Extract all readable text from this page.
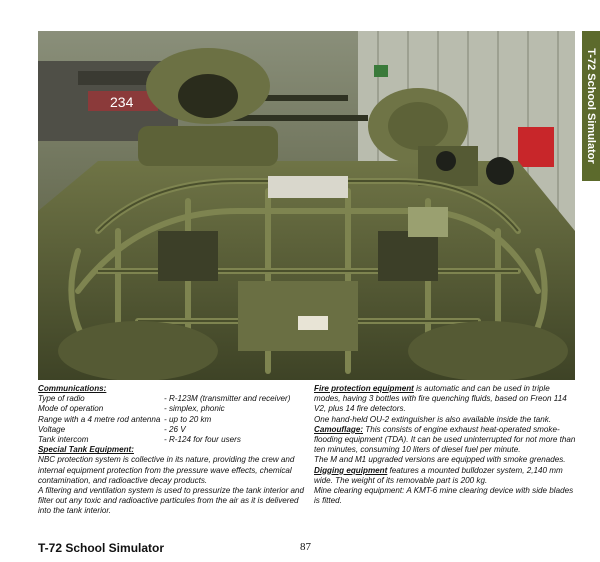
234	T-72 School Simulator

Communications:

Type of radio	- R-123M (transmitter and receiver)
Mode of operation	- simplex, phonic
Range with a 4 metre rod antenna - up to 20 km
Voltage	- 26 V
Tank intercom	- R-124 for four users

Special Tank Equipment:

NBC protection system is collective in its nature, providing the crew and internal equipment protection from the pressure wave effects, chemical contamination, and radioactive decay products.

A filtering and ventilation system is used to pressurize the tank interior and filter out any toxic and radioactive particules from the air as it is delivered into the tank interior.

Fire protection equipment is automatic and can be used in triple modes, having 3 bottles with fire quenching fluids, based on Freon 114 V2, plus 14 fire detectors.

One hand-held OU-2 extinguisher is also available inside the tank.

Camouflage: This consists of engine exhaust heat-operated smoke-flooding equipment (TDA). It can be used uninterrupted for not more than ten minutes, consuming 10 liters of diesel fuel per minute.

The M and M1 upgraded versions are equipped with smoke grenades.

Digging equipment features a mounted bulldozer system, 2,140 mm wide. The weight of its removable part is 200 kg.

Mine clearing equipment: A KMT-6 mine clearing device with side blades is fitted.

T-72 School Simulator	87
